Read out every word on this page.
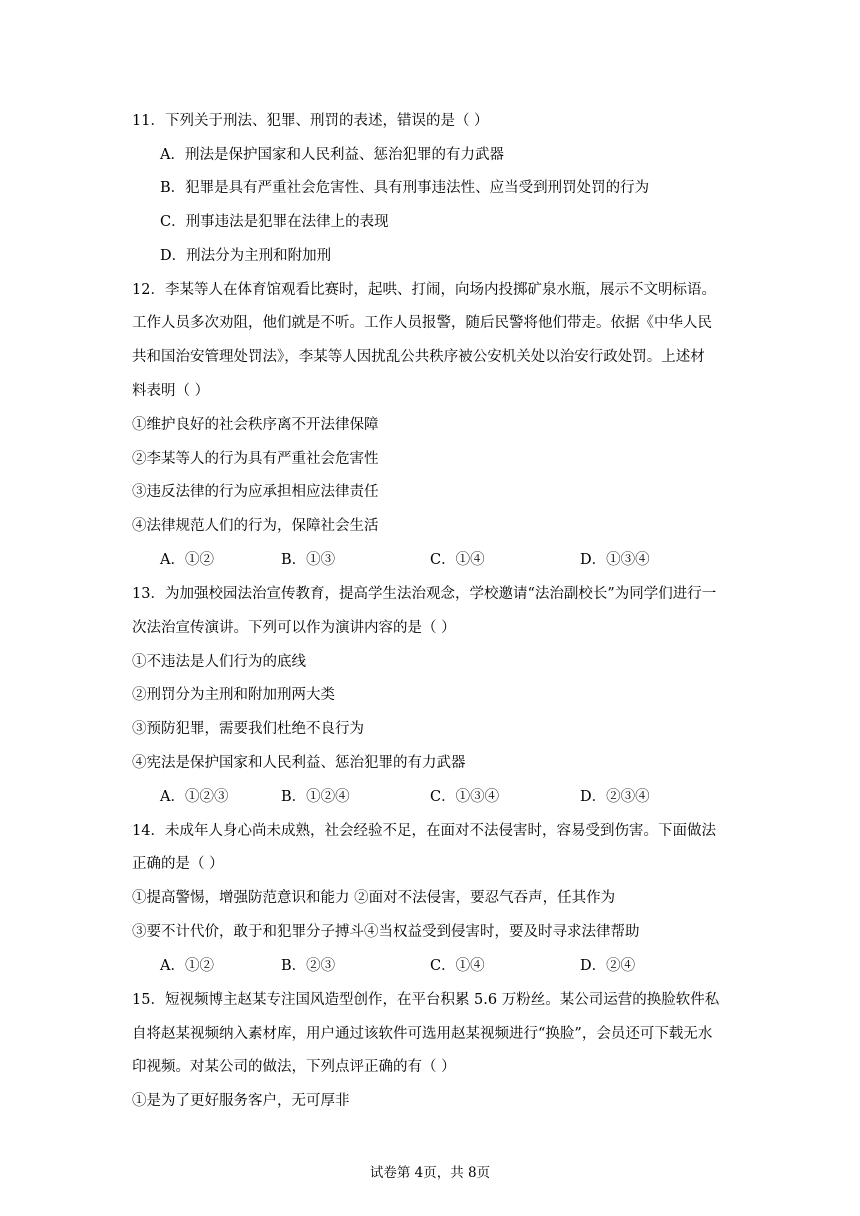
11．下列关于刑法、犯罪、刑罚的表述，错误的是（ ）
A．刑法是保护国家和人民利益、惩治犯罪的有力武器
B．犯罪是具有严重社会危害性、具有刑事违法性、应当受到刑罚处罚的行为
C．刑事违法是犯罪在法律上的表现
D．刑法分为主刑和附加刑
12．李某等人在体育馆观看比赛时，起哄、打闹，向场内投掷矿泉水瓶，展示不文明标语。
工作人员多次劝阻，他们就是不听。工作人员报警，随后民警将他们带走。依据《中华人民
共和国治安管理处罚法》，李某等人因扰乱公共秩序被公安机关处以治安行政处罚。上述材
料表明（ ）
①维护良好的社会秩序离不开法律保障
②李某等人的行为具有严重社会危害性
③违反法律的行为应承担相应法律责任
④法律规范人们的行为，保障社会生活
A．①②	B．①③	C．①④	D．①③④
13．为加强校园法治宣传教育，提高学生法治观念，学校邀请“法治副校长”为同学们进行一
次法治宣传演讲。下列可以作为演讲内容的是（ ）
①不违法是人们行为的底线
②刑罚分为主刑和附加刑两大类
③预防犯罪，需要我们杜绝不良行为
④宪法是保护国家和人民利益、惩治犯罪的有力武器
A．①②③	B．①②④	C．①③④	D．②③④
14．未成年人身心尚未成熟，社会经验不足，在面对不法侵害时，容易受到伤害。下面做法
正确的是（ ）
①提高警惕，增强防范意识和能力 ②面对不法侵害，要忍气吞声，任其作为
③要不计代价，敢于和犯罪分子搏斗④当权益受到侵害时，要及时寻求法律帮助
A．①②	B．②③	C．①④	D．②④
15．短视频博主赵某专注国风造型创作，在平台积累 5.6 万粉丝。某公司运营的换脸软件私
自将赵某视频纳入素材库，用户通过该软件可选用赵某视频进行“换脸”，会员还可下载无水
印视频。对某公司的做法，下列点评正确的有（ ）
①是为了更好服务客户，无可厚非
试卷第 4页，共 8页
